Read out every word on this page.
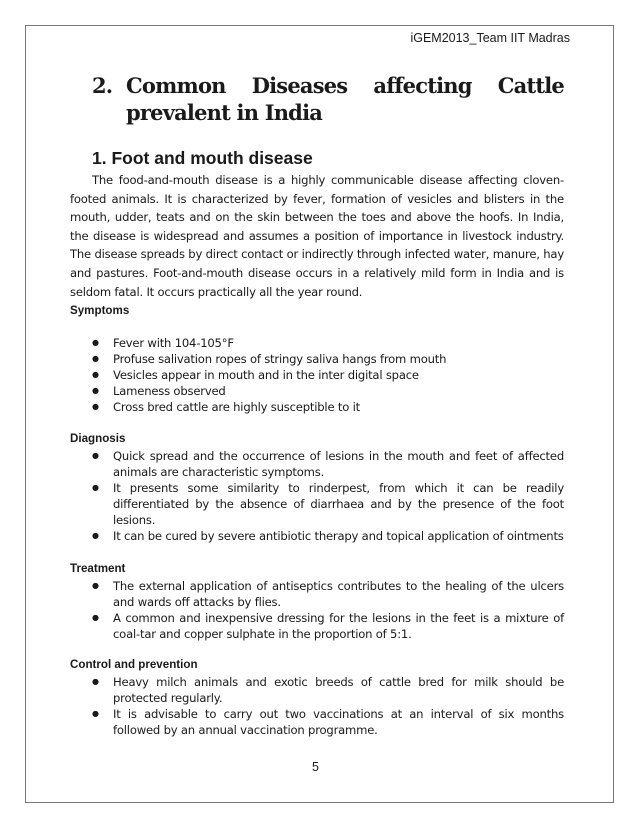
iGEM2013_Team IIT Madras
2. Common Diseases affecting Cattle
prevalent in India
1. Foot and mouth disease

The food-and-mouth disease is a highly communicable disease affecting cloven-footed animals. It is characterized by fever, formation of vesicles and blisters in the mouth, udder, teats and on the skin between the toes and above the hoofs. In India, the disease is widespread and assumes a position of importance in livestock industry. The disease spreads by direct contact or indirectly through infected water, manure, hay and pastures. Foot-and-mouth disease occurs in a relatively mild form in India and is seldom fatal. It occurs practically all the year round.

Symptoms
● Fever with 104-105°F
● Profuse salivation ropes of stringy saliva hangs from mouth
● Vesicles appear in mouth and in the inter digital space
● Lameness observed
● Cross bred cattle are highly susceptible to it
Diagnosis
● Quick spread and the occurrence of lesions in the mouth and feet of affected animals are characteristic symptoms.
● It presents some similarity to rinderpest, from which it can be readily differentiated by the absence of diarrhaea and by the presence of the foot lesions.
● It can be cured by severe antibiotic therapy and topical application of ointments
Treatment
● The external application of antiseptics contributes to the healing of the ulcers and wards off attacks by flies.
● A common and inexpensive dressing for the lesions in the feet is a mixture of coal-tar and copper sulphate in the proportion of 5:1.
Control and prevention
● Heavy milch animals and exotic breeds of cattle bred for milk should be protected regularly.
● It is advisable to carry out two vaccinations at an interval of six months followed by an annual vaccination programme.
5
